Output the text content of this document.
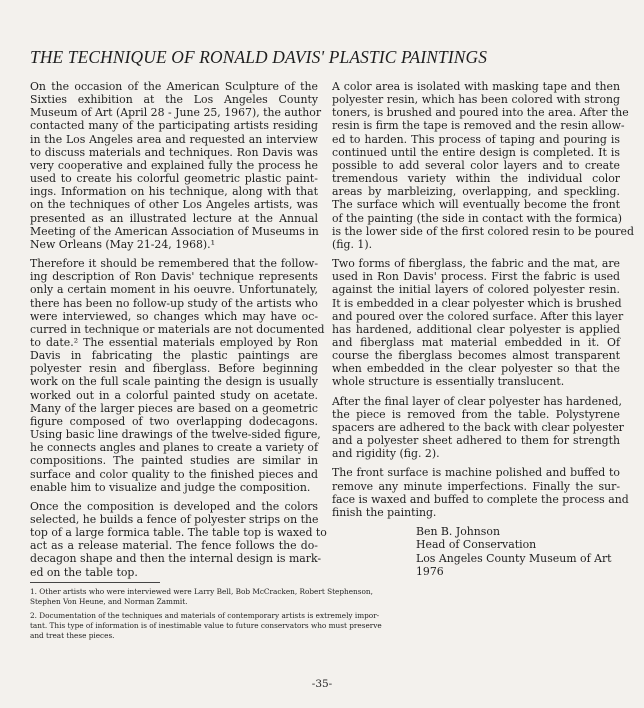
THE TECHNIQUE OF RONALD DAVIS' PLASTIC PAINTINGS

On the occasion of the American Sculpture of the
Sixties exhibition at the Los Angeles County
Museum of Art (April 28 - June 25, 1967), the author
contacted many of the participating artists residing
in the Los Angeles area and requested an interview
to discuss materials and techniques. Ron Davis was
very cooperative and explained fully the process he
used to create his colorful geometric plastic paint-
ings. Information on his technique, along with that
on the techniques of other Los Angeles artists, was
presented as an illustrated lecture at the Annual
Meeting of the American Association of Museums in
New Orleans (May 21-24, 1968).¹

Therefore it should be remembered that the follow-
ing description of Ron Davis' technique represents
only a certain moment in his oeuvre. Unfortunately,
there has been no follow-up study of the artists who
were interviewed, so changes which may have oc-
curred in technique or materials are not documented
to date.² The essential materials employed by Ron
Davis in fabricating the plastic paintings are
polyester resin and fiberglass. Before beginning
work on the full scale painting the design is usually
worked out in a colorful painted study on acetate.
Many of the larger pieces are based on a geometric
figure composed of two overlapping dodecagons.
Using basic line drawings of the twelve-sided figure,
he connects angles and planes to create a variety of
compositions. The painted studies are similar in
surface and color quality to the finished pieces and
enable him to visualize and judge the composition.

Once the composition is developed and the colors
selected, he builds a fence of polyester strips on the
top of a large formica table. The table top is waxed to
act as a release material. The fence follows the do-
decagon shape and then the internal design is mark-
ed on the table top.

A color area is isolated with masking tape and then
polyester resin, which has been colored with strong
toners, is brushed and poured into the area. After the
resin is firm the tape is removed and the resin allow-
ed to harden. This process of taping and pouring is
continued until the entire design is completed. It is
possible to add several color layers and to create
tremendous variety within the individual color
areas by marbleizing, overlapping, and speckling.
The surface which will eventually become the front
of the painting (the side in contact with the formica)
is the lower side of the first colored resin to be poured
(fig. 1).

Two forms of fiberglass, the fabric and the mat, are
used in Ron Davis' process. First the fabric is used
against the initial layers of colored polyester resin.
It is embedded in a clear polyester which is brushed
and poured over the colored surface. After this layer
has hardened, additional clear polyester is applied
and fiberglass mat material embedded in it. Of
course the fiberglass becomes almost transparent
when embedded in the clear polyester so that the
whole structure is essentially translucent.

After the final layer of clear polyester has hardened,
the piece is removed from the table. Polystyrene
spacers are adhered to the back with clear polyester
and a polyester sheet adhered to them for strength
and rigidity (fig. 2).

The front surface is machine polished and buffed to
remove any minute imperfections. Finally the sur-
face is waxed and buffed to complete the process and
finish the painting.

Ben B. Johnson
Head of Conservation
Los Angeles County Museum of Art
1976

1. Other artists who were interviewed were Larry Bell, Bob McCracken, Robert Stephenson,
Stephen Von Heune, and Norman Zammit.

2. Documentation of the techniques and materials of contemporary artists is extremely impor-
tant. This type of information is of inestimable value to future conservators who must preserve
and treat these pieces.

-35-
